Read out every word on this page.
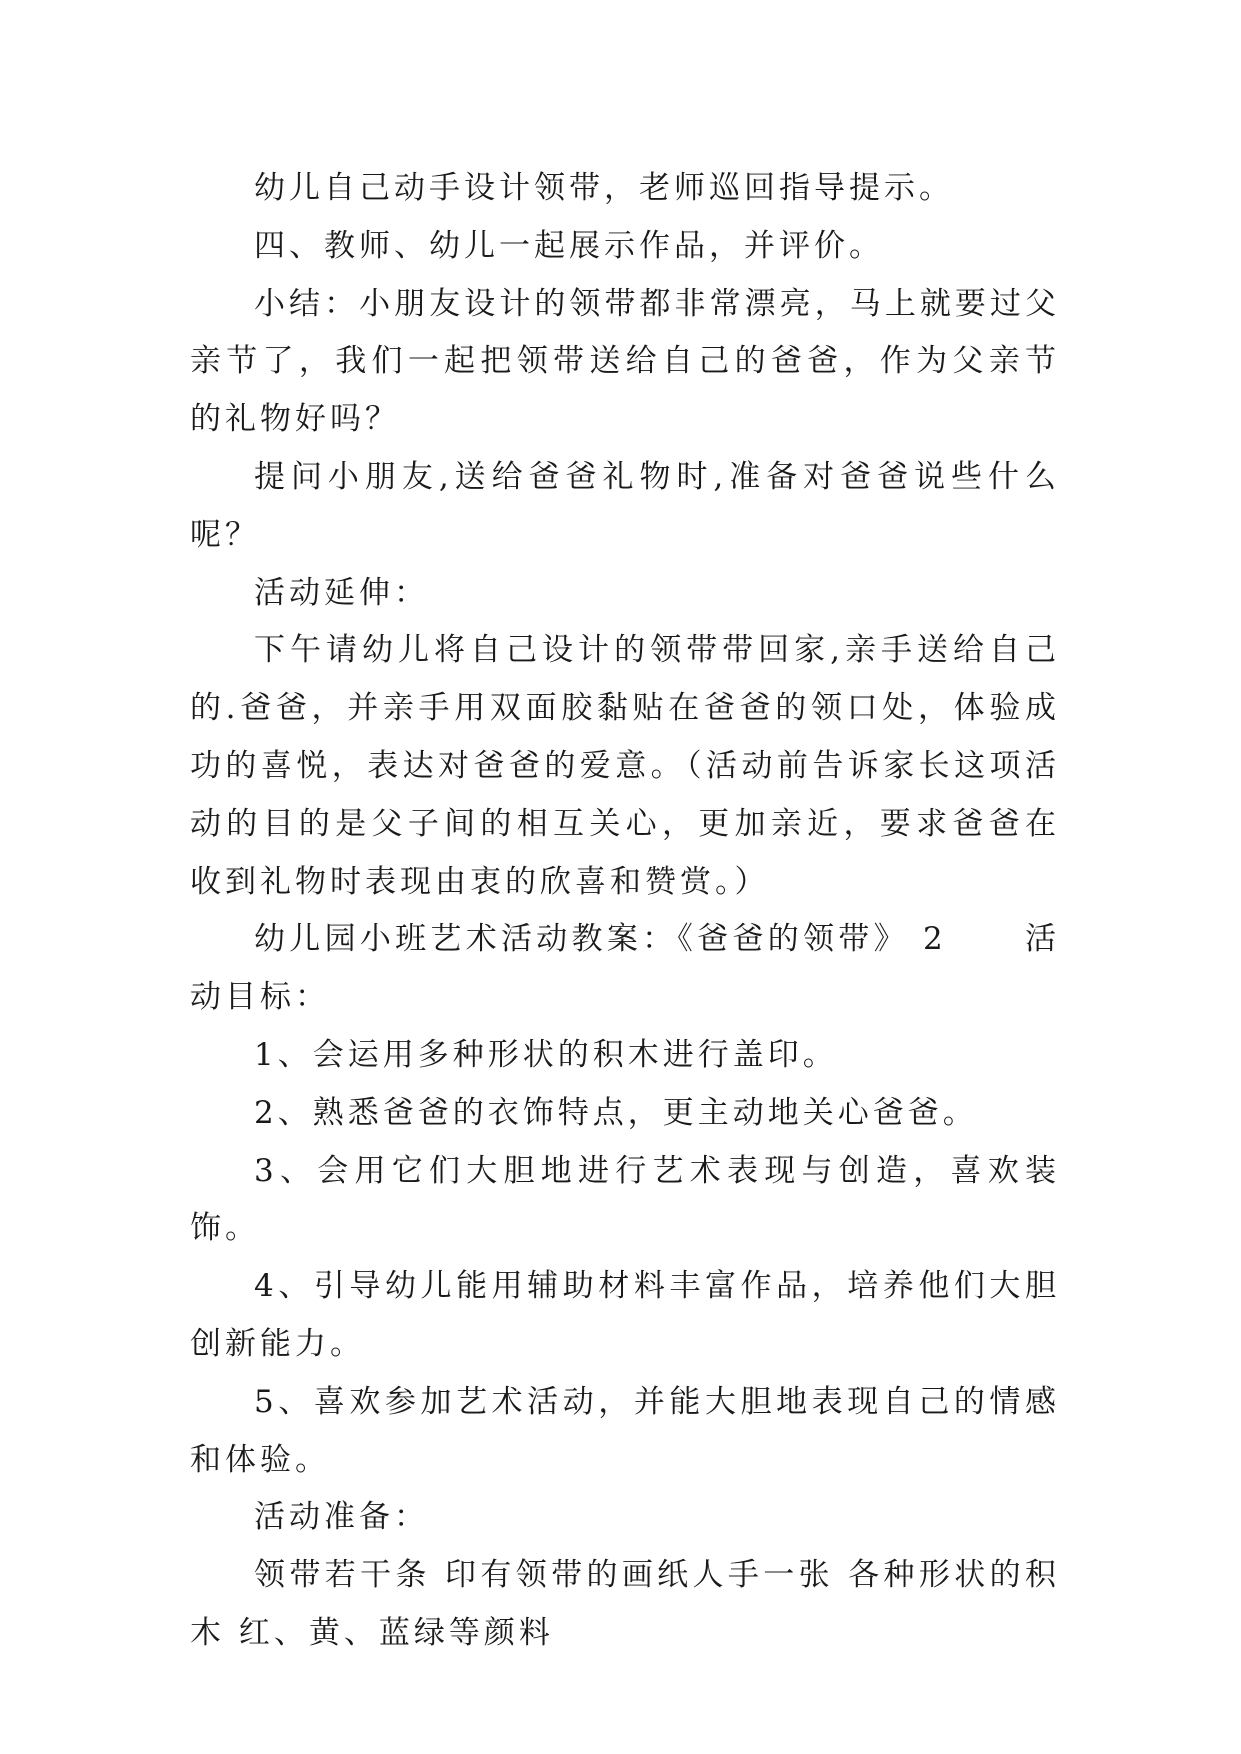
幼儿自己动手设计领带，老师巡回指导提示。

四、教师、幼儿一起展示作品，并评价。

小结：小朋友设计的领带都非常漂亮，马上就要过父亲节了，我们一起把领带送给自己的爸爸，作为父亲节的礼物好吗？

提问小朋友,送给爸爸礼物时,准备对爸爸说些什么呢？

活动延伸：

下午请幼儿将自己设计的领带带回家,亲手送给自己的.爸爸，并亲手用双面胶黏贴在爸爸的领口处，体验成功的喜悦，表达对爸爸的爱意。（活动前告诉家长这项活动的目的是父子间的相互关心，更加亲近，要求爸爸在收到礼物时表现由衷的欣喜和赞赏。）

幼儿园小班艺术活动教案：《爸爸的领带》 2	活动目标：

1、会运用多种形状的积木进行盖印。

2、熟悉爸爸的衣饰特点，更主动地关心爸爸。

3、会用它们大胆地进行艺术表现与创造，喜欢装饰。

4、引导幼儿能用辅助材料丰富作品，培养他们大胆创新能力。

5、喜欢参加艺术活动，并能大胆地表现自己的情感和体验。

活动准备：

领带若干条 印有领带的画纸人手一张 各种形状的积木 红、黄、蓝绿等颜料
